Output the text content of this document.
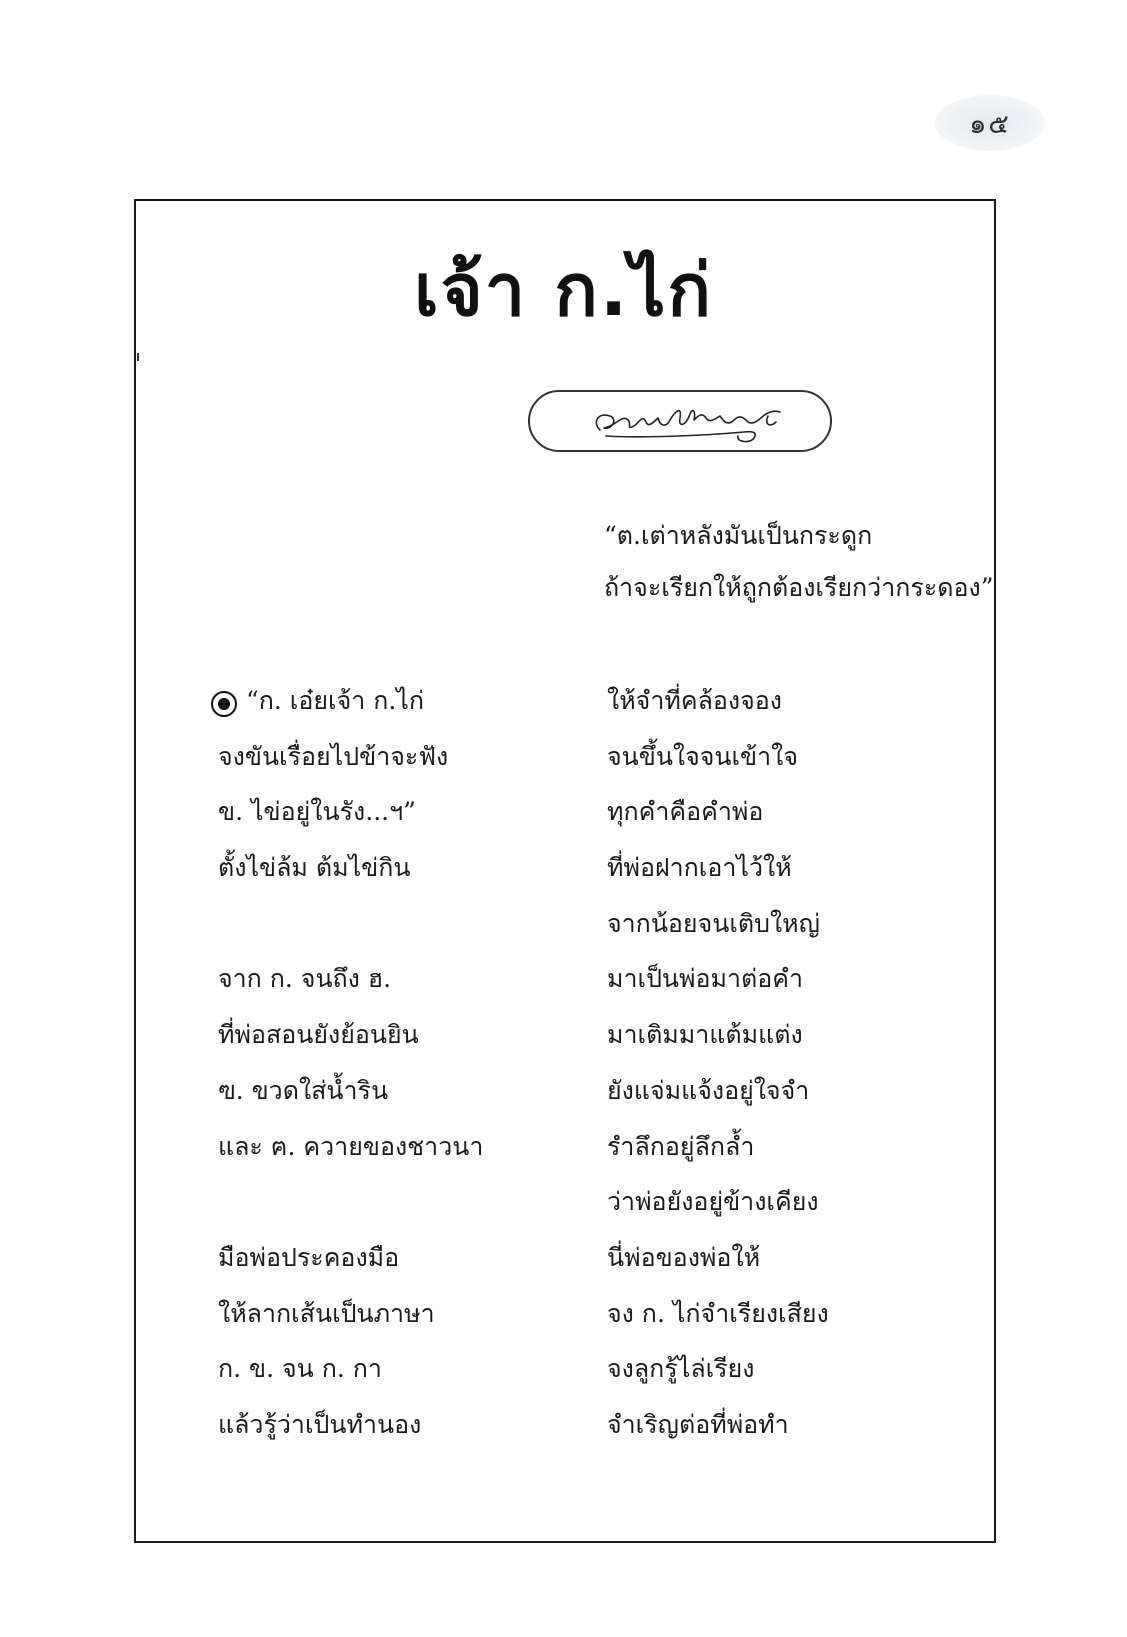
๑๕
เจ้า ก.ไก่
“ต.เต่าหลังมันเป็นกระดูก
ถ้าจะเรียกให้ถูกต้องเรียกว่ากระดอง”
“ก. เอ๋ยเจ้า ก.ไก่
จงขันเรื่อยไปข้าจะฟัง
ข. ไข่อยู่ในรัง...ฯ”
ตั้งไข่ล้ม ต้มไข่กิน
จาก ก. จนถึง ฮ.
ที่พ่อสอนยังย้อนยิน
ฃ. ขวดใส่น้ำริน
และ ฅ. ควายของชาวนา
มือพ่อประคองมือ
ให้ลากเส้นเป็นภาษา
ก. ข. จน ก. กา
แล้วรู้ว่าเป็นทำนอง
ให้จำที่คล้องจอง
จนขึ้นใจจนเข้าใจ
ทุกคำคือคำพ่อ
ที่พ่อฝากเอาไว้ให้
จากน้อยจนเติบใหญ่
มาเป็นพ่อมาต่อคำ
มาเติมมาแต้มแต่ง
ยังแจ่มแจ้งอยู่ใจจำ
รำลึกอยู่ลึกล้ำ
ว่าพ่อยังอยู่ข้างเคียง
นี่พ่อของพ่อให้
จง ก. ไก่จำเรียงเสียง
จงลูกรู้ไล่เรียง
จำเริญต่อที่พ่อทำ
